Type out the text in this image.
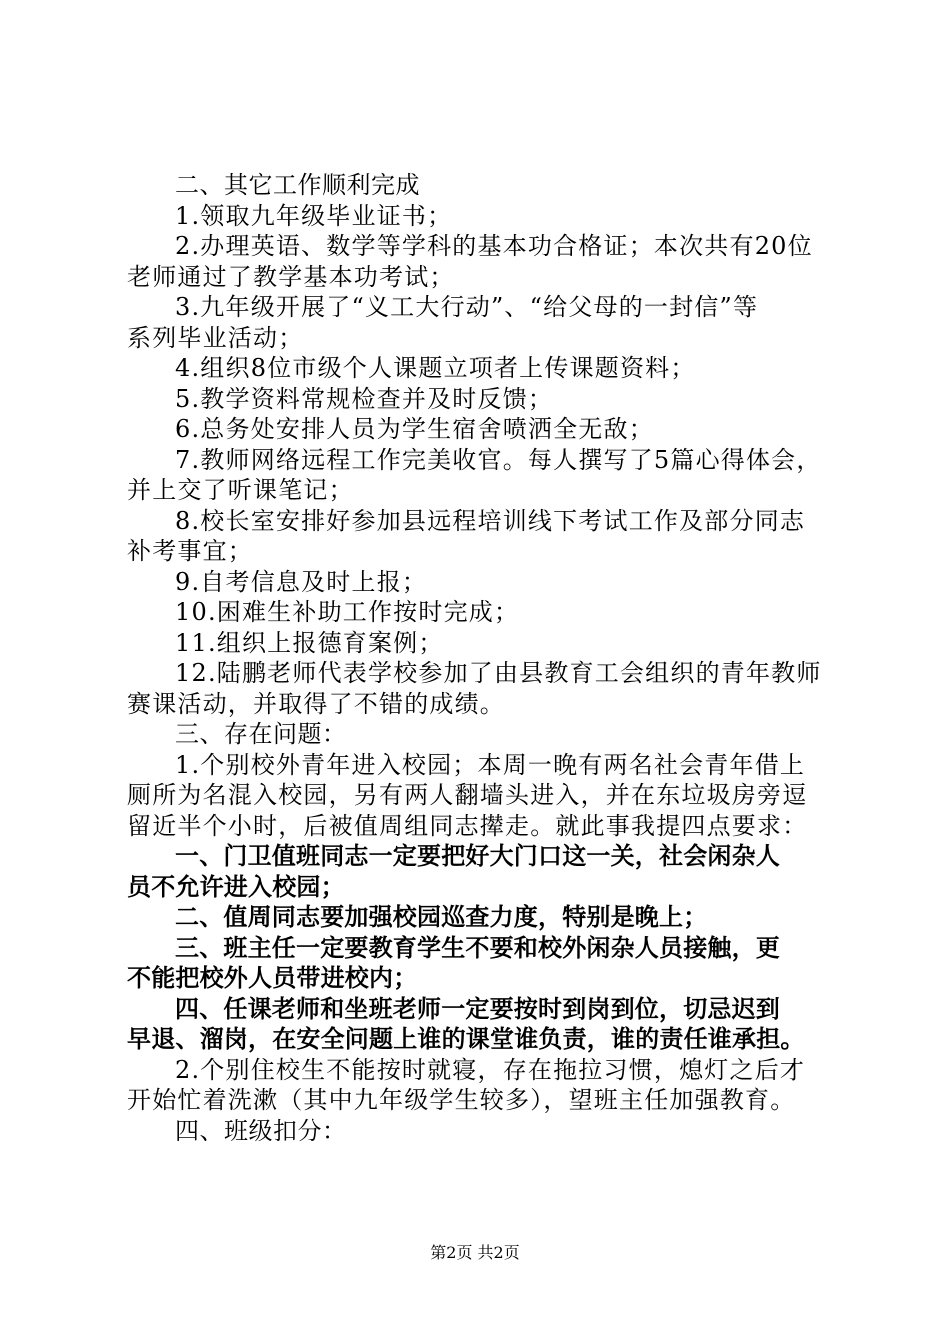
二、其它工作顺利完成
1.领取九年级毕业证书；
2.办理英语、数学等学科的基本功合格证；本次共有20位
老师通过了教学基本功考试；
3.九年级开展了“义工大行动”、“给父母的一封信”等
系列毕业活动；
4.组织8位市级个人课题立项者上传课题资料；
5.教学资料常规检查并及时反馈；
6.总务处安排人员为学生宿舍喷洒全无敌；
7.教师网络远程工作完美收官。每人撰写了5篇心得体会，
并上交了听课笔记；
8.校长室安排好参加县远程培训线下考试工作及部分同志
补考事宜；
9.自考信息及时上报；
10.困难生补助工作按时完成；
11.组织上报德育案例；
12.陆鹏老师代表学校参加了由县教育工会组织的青年教师
赛课活动，并取得了不错的成绩。
三、存在问题：
1.个别校外青年进入校园；本周一晚有两名社会青年借上
厕所为名混入校园，另有两人翻墙头进入，并在东垃圾房旁逗
留近半个小时，后被值周组同志撵走。就此事我提四点要求：
一、门卫值班同志一定要把好大门口这一关，社会闲杂人
员不允许进入校园；
二、值周同志要加强校园巡查力度，特别是晚上；
三、班主任一定要教育学生不要和校外闲杂人员接触，更
不能把校外人员带进校内；
四、任课老师和坐班老师一定要按时到岗到位，切忌迟到
早退、溜岗，在安全问题上谁的课堂谁负责，谁的责任谁承担。
2.个别住校生不能按时就寝，存在拖拉习惯，熄灯之后才
开始忙着洗漱（其中九年级学生较多），望班主任加强教育。
四、班级扣分：
第2页 共2页
